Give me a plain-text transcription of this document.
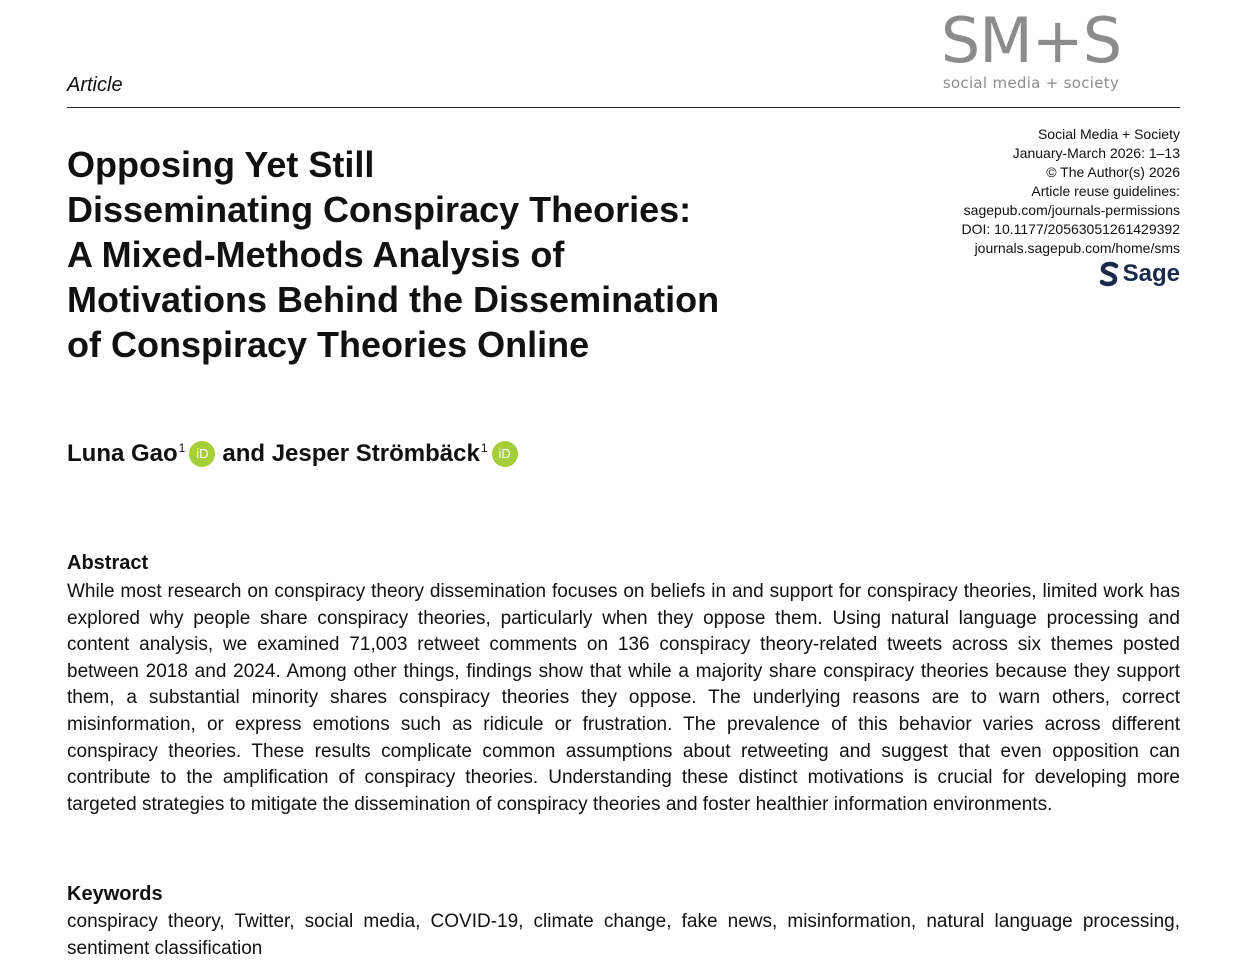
SM+S
social media + society
Article
Opposing Yet Still
Disseminating Conspiracy Theories:
A Mixed-Methods Analysis of
Motivations Behind the Dissemination
of Conspiracy Theories Online
Social Media + Society
January-March 2026: 1–13
© The Author(s) 2026
Article reuse guidelines:
sagepub.com/journals-permissions
DOI: 10.1177/20563051261429392
journals.sagepub.com/home/sms
Sage
Luna Gao$^1$ iD and
Jesper Strömbäck$^1$ iD
Abstract

While most research on conspiracy theory dissemination focuses on beliefs in and support for conspiracy theories, limited work has explored why people share conspiracy theories, particularly when they oppose them. Using natural language processing and content analysis, we examined 71,003 retweet comments on 136 conspiracy theory-related tweets across six themes posted between 2018 and 2024. Among other things, findings show that while a majority share conspiracy theories because they support them, a substantial minority shares conspiracy theories they oppose. The underlying reasons are to warn others, correct misinformation, or express emotions such as ridicule or frustration. The prevalence of this behavior varies across different conspiracy theories. These results complicate common assumptions about retweeting and suggest that even opposition can contribute to the amplification of conspiracy theories. Understanding these distinct motivations is crucial for developing more targeted strategies to mitigate the dissemination of conspiracy theories and foster healthier information environments.

Keywords

conspiracy theory, Twitter, social media, COVID-19, climate change, fake news, misinformation, natural language processing, sentiment classification
